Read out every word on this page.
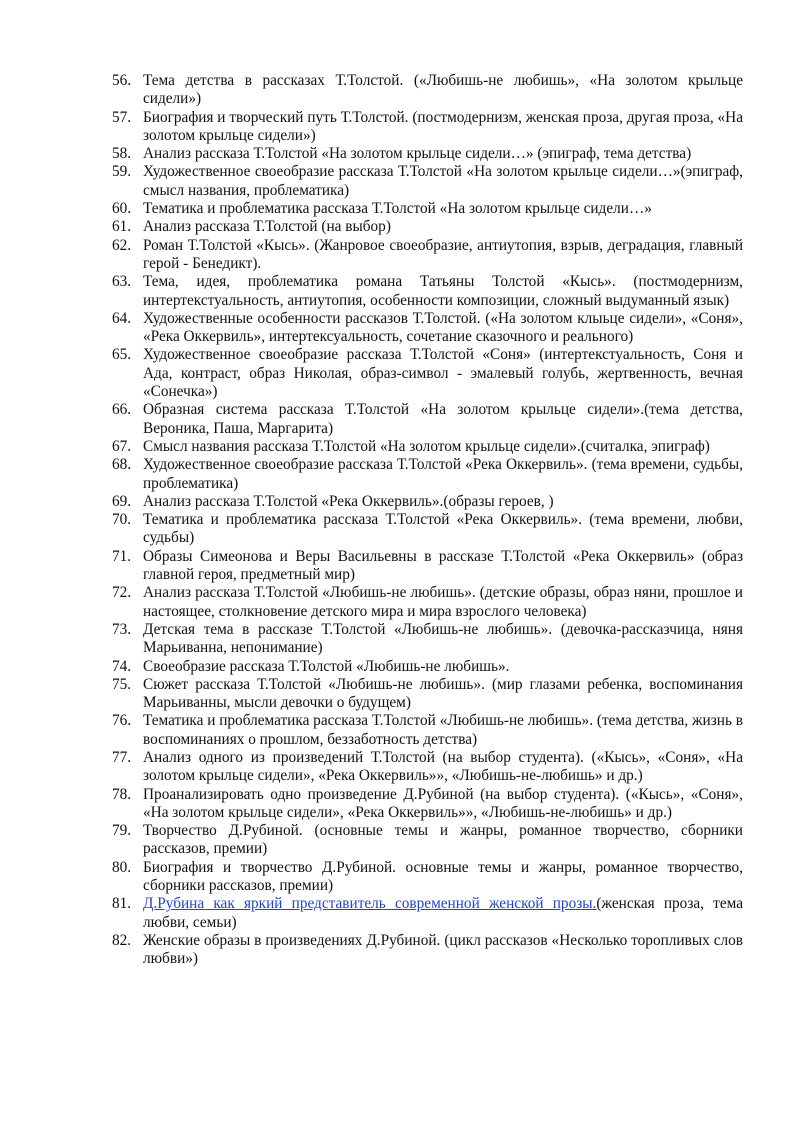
56. Тема детства в рассказах Т.Толстой. («Любишь-не любишь», «На золотом крыльце сидели»)
57. Биография и творческий путь Т.Толстой. (постмодернизм, женская проза, другая проза, «На золотом крыльце сидели»)
58. Анализ рассказа Т.Толстой «На золотом крыльце сидели…» (эпиграф, тема детства)
59. Художественное своеобразие рассказа Т.Толстой «На золотом крыльце сидели…»(эпиграф, смысл названия, проблематика)
60. Тематика и проблематика рассказа Т.Толстой «На золотом крыльце сидели…»
61. Анализ рассказа Т.Толстой (на выбор)
62. Роман Т.Толстой «Кысь». (Жанровое своеобразие, антиутопия, взрыв, деградация, главный герой - Бенедикт).
63. Тема, идея, проблематика романа Татьяны Толстой «Кысь». (постмодернизм, интертекстуальность, антиутопия, особенности композиции, сложный выдуманный язык)
64. Художественные особенности рассказов Т.Толстой. («На золотом клыьце сидели», «Соня», «Река Оккервиль», интертексуальность, сочетание сказочного и реального)
65. Художественное своеобразие рассказа Т.Толстой «Соня» (интертекстуальность, Соня и Ада, контраст, образ Николая, образ-символ - эмалевый голубь, жертвенность, вечная «Сонечка»)
66. Образная система рассказа Т.Толстой «На золотом крыльце сидели».(тема детства, Вероника, Паша, Маргарита)
67. Смысл названия рассказа Т.Толстой «На золотом крыльце сидели».(считалка, эпиграф)
68. Художественное своеобразие рассказа Т.Толстой «Река Оккервиль». (тема времени, судьбы, проблематика)
69. Анализ рассказа Т.Толстой «Река Оккервиль».(образы героев, )
70. Тематика и проблематика рассказа Т.Толстой «Река Оккервиль». (тема времени, любви, судьбы)
71. Образы Симеонова и Веры Васильевны в рассказе Т.Толстой «Река Оккервиль» (образ главной героя, предметный мир)
72. Анализ рассказа Т.Толстой «Любишь-не любишь». (детские образы, образ няни, прошлое и настоящее, столкновение детского мира и мира взрослого человека)
73. Детская тема в рассказе Т.Толстой «Любишь-не любишь». (девочка-рассказчица, няня Марьиванна, непонимание)
74. Своеобразие рассказа Т.Толстой «Любишь-не любишь».
75. Сюжет рассказа Т.Толстой «Любишь-не любишь». (мир глазами ребенка, воспоминания Марьиванны, мысли девочки о будущем)
76. Тематика и проблематика рассказа Т.Толстой «Любишь-не любишь». (тема детства, жизнь в воспоминаниях о прошлом, беззаботность детства)
77. Анализ одного из произведений Т.Толстой (на выбор студента). («Кысь», «Соня», «На золотом крыльце сидели», «Река Оккервиль»», «Любишь-не-любишь» и др.)
78. Проанализировать одно произведение Д.Рубиной (на выбор студента). («Кысь», «Соня», «На золотом крыльце сидели», «Река Оккервиль»», «Любишь-не-любишь» и др.)
79. Творчество Д.Рубиной. (основные темы и жанры, романное творчество, сборники рассказов, премии)
80. Биография и творчество Д.Рубиной. основные темы и жанры, романное творчество, сборники рассказов, премии)
81. Д.Рубина как яркий представитель современной женской прозы.(женская проза, тема любви, семьи)
82. Женские образы в произведениях Д.Рубиной. (цикл рассказов «Несколько торопливых слов любви»)
